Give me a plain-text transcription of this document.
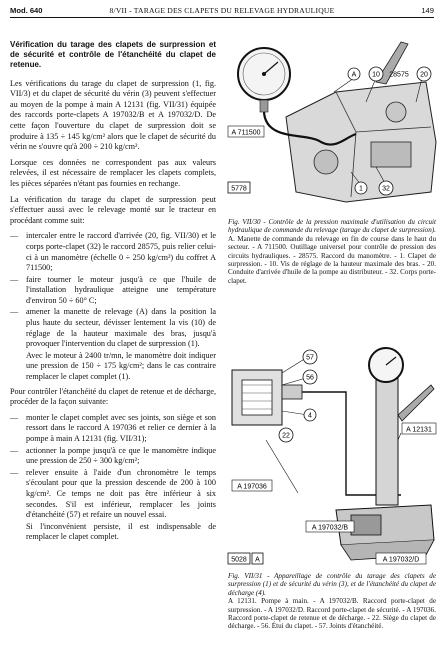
Mod. 640	8/VII - TARAGE DES CLAPETS DU RELEVAGE HYDRAULIQUE	149

Vérification du tarage des clapets de surpression et de sécurité et contrôle de l'étanchéité du clapet de retenue.

Les vérifications du tarage du clapet de surpression (1, fig. VII/3) et du clapet de sécurité du vérin (3) peuvent s'effectuer au moyen de la pompe à main A 12131 (fig. VII/31) équipée des raccords porte-clapets A 197032/B et A 197032/D. De cette façon l'ouverture du clapet de surpression doit se produire à 135 ÷ 145 kg/cm² alors que le clapet de sécurité du vérin ne s'ouvre qu'à 200 ÷ 210 kg/cm².

Lorsque ces données ne correspondent pas aux valeurs relevées, il est nécessaire de remplacer les clapets complets, les pièces séparées n'étant pas fournies en rechange.

La vérification du tarage du clapet de surpression peut s'effectuer aussi avec le relevage monté sur le tracteur en procédant comme suit:

— intercaler entre le raccord d'arrivée (20, fig. VII/30) et le corps porte-clapet (32) le raccord 28575, puis relier celui-ci à un manomètre (échelle 0 ÷ 250 kg/cm²) du coffret A 711500;
— faire tourner le moteur jusqu'à ce que l'huile de l'installation hydraulique atteigne une température d'environ 50 ÷ 60° C;
— amener la manette de relevage (A) dans la position la plus haute du secteur, dévisser lentement la vis (10) de réglage de la hauteur maximale des bras, jusqu'à provoquer l'intervention du clapet de surpression (1).
Avec le moteur à 2400 tr/mn, le manomètre doit indiquer une pression de 150 ÷ 175 kg/cm²; dans le cas contraire remplacer le clapet complet (1).

Pour contrôler l'étanchéité du clapet de retenue et de décharge, procéder de la façon suivante:

— monter le clapet complet avec ses joints, son siège et son ressort dans le raccord A 197036 et relier ce dernier à la pompe à main A 12131 (fig. VII/31);
— actionner la pompe jusqu'à ce que le manomètre indique une pression de 250 ÷ 300 kg/cm²;
— relever ensuite à l'aide d'un chronomètre le temps s'écoulant pour que la pression descende de 200 à 100 kg/cm². Ce temps ne doit pas être inférieur à six secondes. S'il est inférieur, remplacer les joints d'étanchéité (57) et refaire un nouvel essai.
Si l'inconvénient persiste, il est indispensable de remplacer le clapet complet.
A 10 28575 20
A 711500
5778	1	32
Fig. VII/30 - Contrôle de la pression maximale d'utilisation du circuit hydraulique de commande du relevage (tarage du clapet de surpression).
A. Manette de commande du relevage en fin de course dans le haut du secteur. - A 711500. Outillage universel pour contrôle de pression des circuits hydrauliques. - 28575. Raccord du manomètre. - 1. Clapet de surpression. - 10. Vis de réglage de la hauteur maximale des bras. - 20. Conduite d'arrivée d'huile de la pompe au distributeur. - 32. Corps porte-clapet.
57
56
22
4
A 12131
A 197036
A 197032/B
A 197032/D
5028 A
Fig. VII/31 - Appareillage de contrôle du tarage des clapets de surpression (1) et de sécurité du vérin (3), et de l'étanchéité du clapet de décharge (4).
A 12131. Pompe à main. - A 197032/B. Raccord porte-clapet de surpression. - A 197032/D. Raccord porte-clapet de sécurité. - A 197036. Raccord porte-clapet de retenue et de décharge. - 22. Siège du clapet de décharge. - 56. Étui du clapet. - 57. Joints d'étanchéité.
